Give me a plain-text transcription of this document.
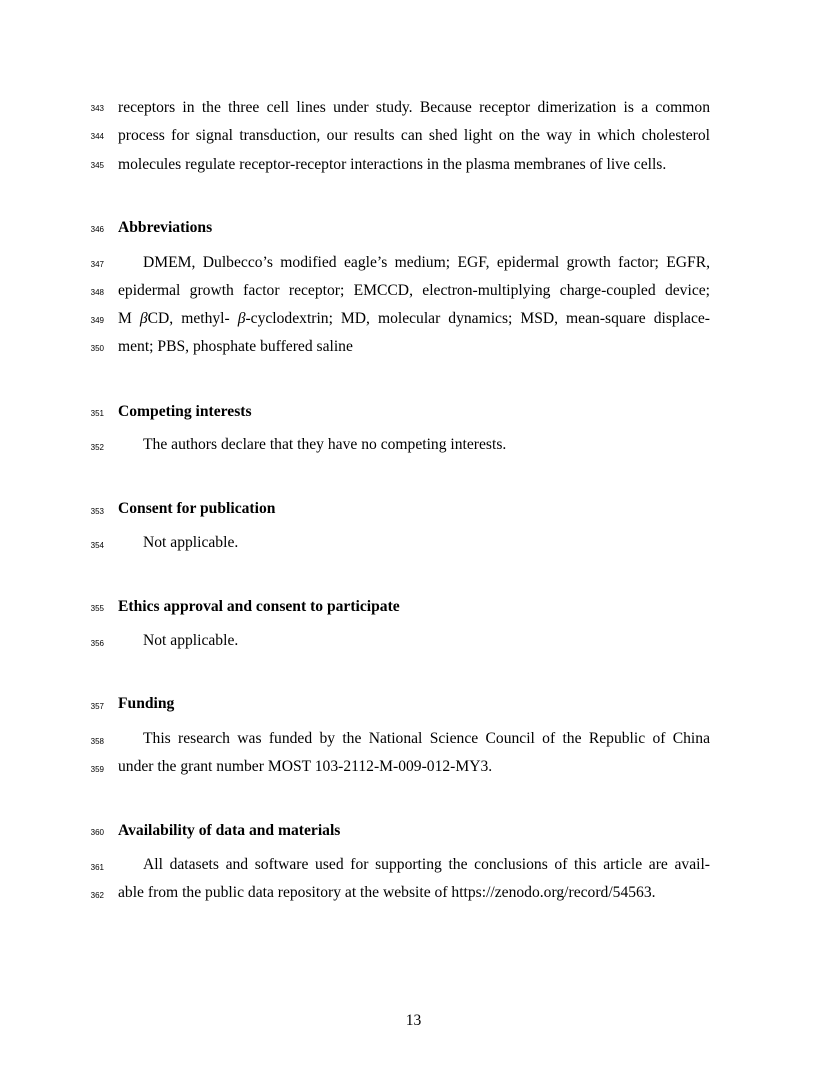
343 receptors in the three cell lines under study. Because receptor dimerization is a common
344 process for signal transduction, our results can shed light on the way in which cholesterol
345 molecules regulate receptor-receptor interactions in the plasma membranes of live cells.
346 Abbreviations
347	DMEM, Dulbecco’s modified eagle’s medium; EGF, epidermal growth factor; EGFR,
348 epidermal growth factor receptor; EMCCD, electron-multiplying charge-coupled device;
349 M βCD, methyl- β-cyclodextrin; MD, molecular dynamics; MSD, mean-square displace-
350 ment; PBS, phosphate buffered saline
351 Competing interests
352	The authors declare that they have no competing interests.
353 Consent for publication
354	Not applicable.
355 Ethics approval and consent to participate
356	Not applicable.
357 Funding
358	This research was funded by the National Science Council of the Republic of China
359 under the grant number MOST 103-2112-M-009-012-MY3.
360 Availability of data and materials
361	All datasets and software used for supporting the conclusions of this article are avail-
362 able from the public data repository at the website of https://zenodo.org/record/54563.
13
